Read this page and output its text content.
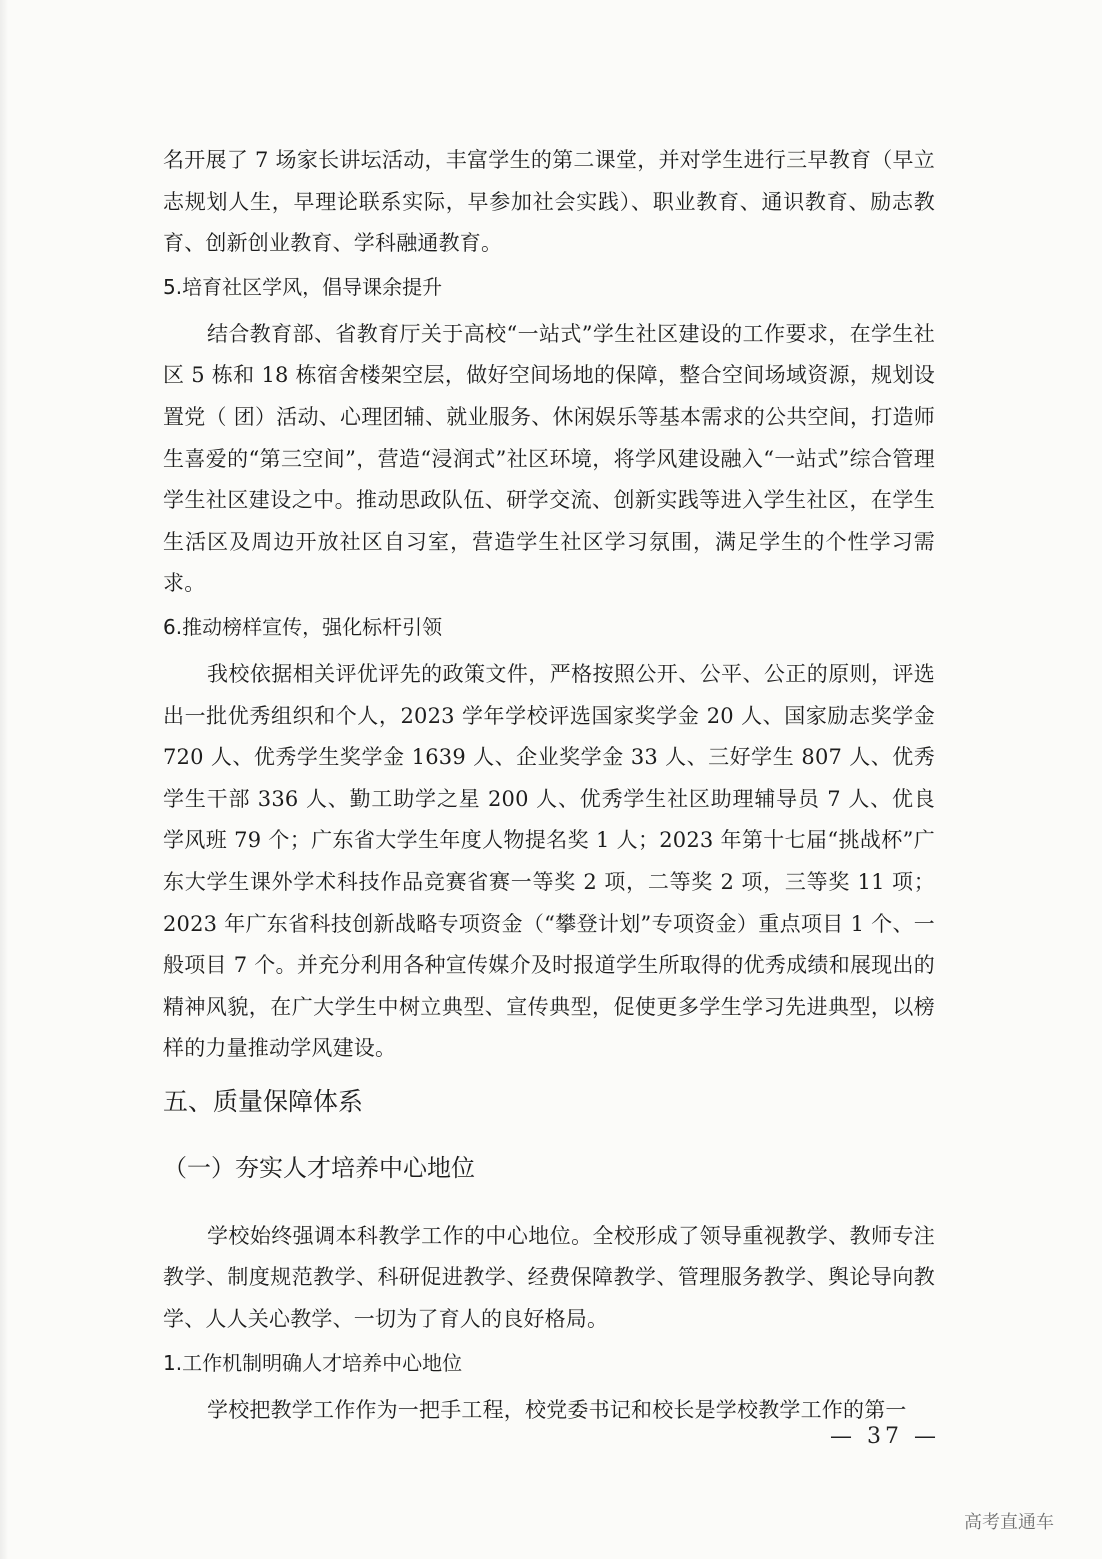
名开展了 7 场家长讲坛活动，丰富学生的第二课堂，并对学生进行三早教育（早立志规划人生，早理论联系实际，早参加社会实践）、职业教育、通识教育、励志教育、创新创业教育、学科融通教育。

5.培育社区学风，倡导课余提升

结合教育部、省教育厅关于高校“一站式”学生社区建设的工作要求，在学生社区 5 栋和 18 栋宿舍楼架空层，做好空间场地的保障，整合空间场域资源，规划设置党（ 团）活动、心理团辅、就业服务、休闲娱乐等基本需求的公共空间，打造师生喜爱的“第三空间”，营造“浸润式”社区环境，将学风建设融入“一站式”综合管理学生社区建设之中。推动思政队伍、研学交流、创新实践等进入学生社区，在学生生活区及周边开放社区自习室，营造学生社区学习氛围，满足学生的个性学习需求。

6.推动榜样宣传，强化标杆引领

我校依据相关评优评先的政策文件，严格按照公开、公平、公正的原则，评选出一批优秀组织和个人，2023 学年学校评选国家奖学金 20 人、国家励志奖学金 720 人、优秀学生奖学金 1639 人、企业奖学金 33 人、三好学生 807 人、优秀学生干部 336 人、勤工助学之星 200 人、优秀学生社区助理辅导员 7 人、优良学风班 79 个；广东省大学生年度人物提名奖 1 人；2023 年第十七届“挑战杯”广东大学生课外学术科技作品竞赛省赛一等奖 2 项，二等奖 2 项，三等奖 11 项；2023 年广东省科技创新战略专项资金（“攀登计划”专项资金）重点项目 1 个、一般项目 7 个。并充分利用各种宣传媒介及时报道学生所取得的优秀成绩和展现出的精神风貌，在广大学生中树立典型、宣传典型，促使更多学生学习先进典型，以榜样的力量推动学风建设。

五、质量保障体系
（一）夯实人才培养中心地位

学校始终强调本科教学工作的中心地位。全校形成了领导重视教学、教师专注教学、制度规范教学、科研促进教学、经费保障教学、管理服务教学、舆论导向教学、人人关心教学、一切为了育人的良好格局。

1.工作机制明确人才培养中心地位

学校把教学工作作为一把手工程，校党委书记和校长是学校教学工作的第一

— 37 —
高考直通车
